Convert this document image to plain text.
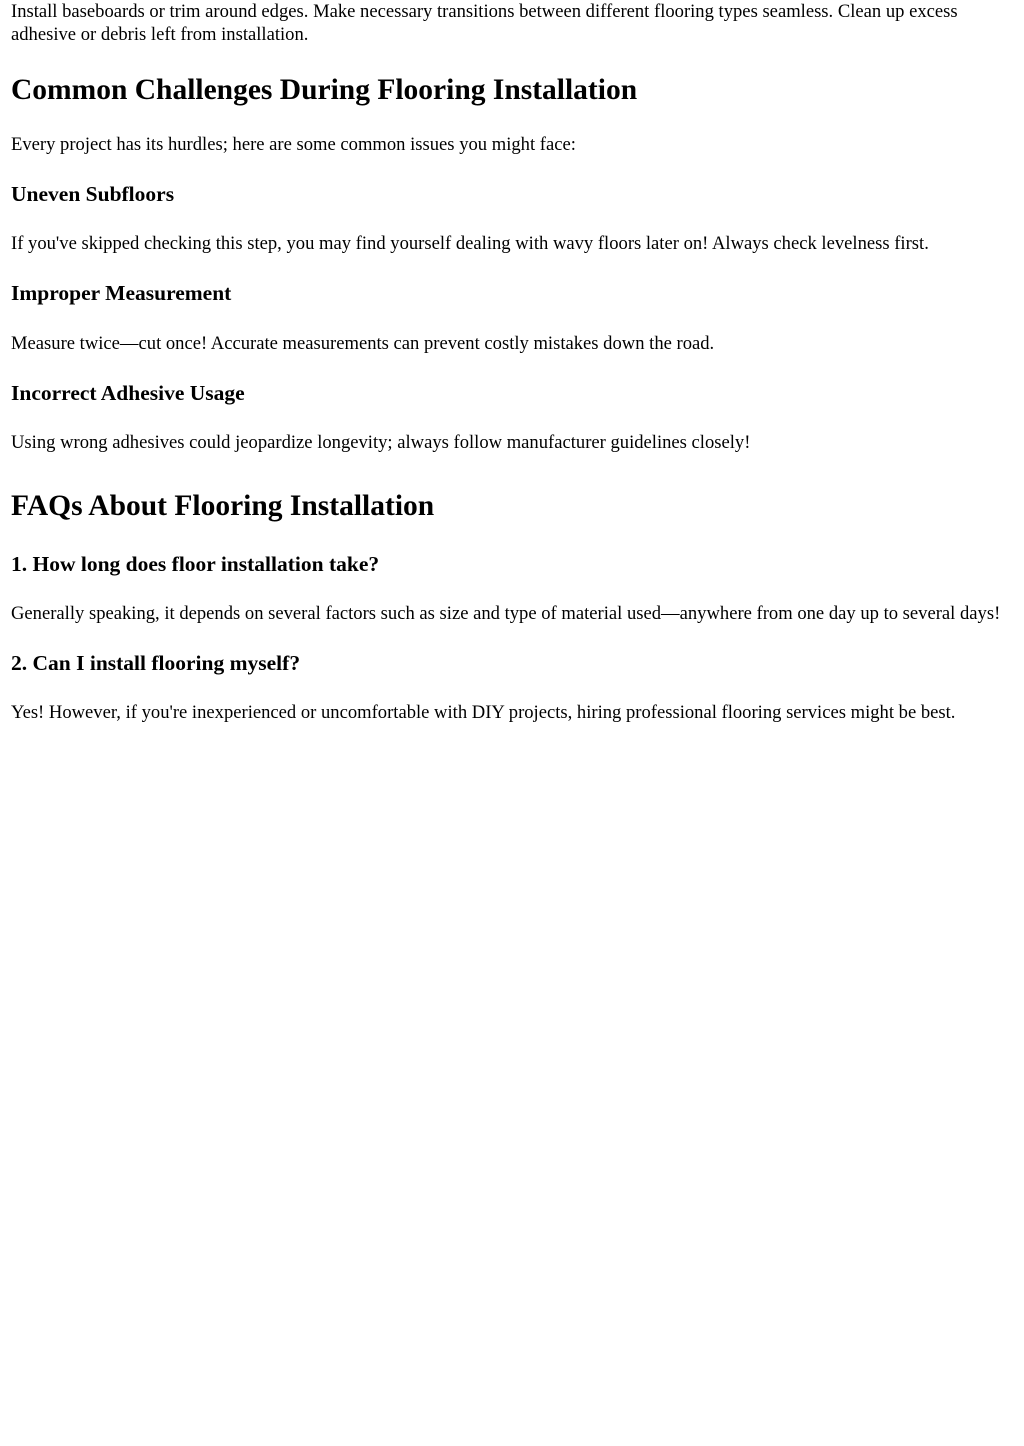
Install baseboards or trim around edges. Make necessary transitions between different flooring types seamless. Clean up excess adhesive or debris left from installation.

Common Challenges During Flooring Installation

Every project has its hurdles; here are some common issues you might face:

Uneven Subfloors

If you've skipped checking this step, you may find yourself dealing with wavy floors later on! Always check levelness first.

Improper Measurement

Measure twice—cut once! Accurate measurements can prevent costly mistakes down the road.

Incorrect Adhesive Usage

Using wrong adhesives could jeopardize longevity; always follow manufacturer guidelines closely!

FAQs About Flooring Installation
1. How long does floor installation take?

Generally speaking, it depends on several factors such as size and type of material used—anywhere from one day up to several days!

2. Can I install flooring myself?

Yes! However, if you're inexperienced or uncomfortable with DIY projects, hiring professional flooring services might be best.
